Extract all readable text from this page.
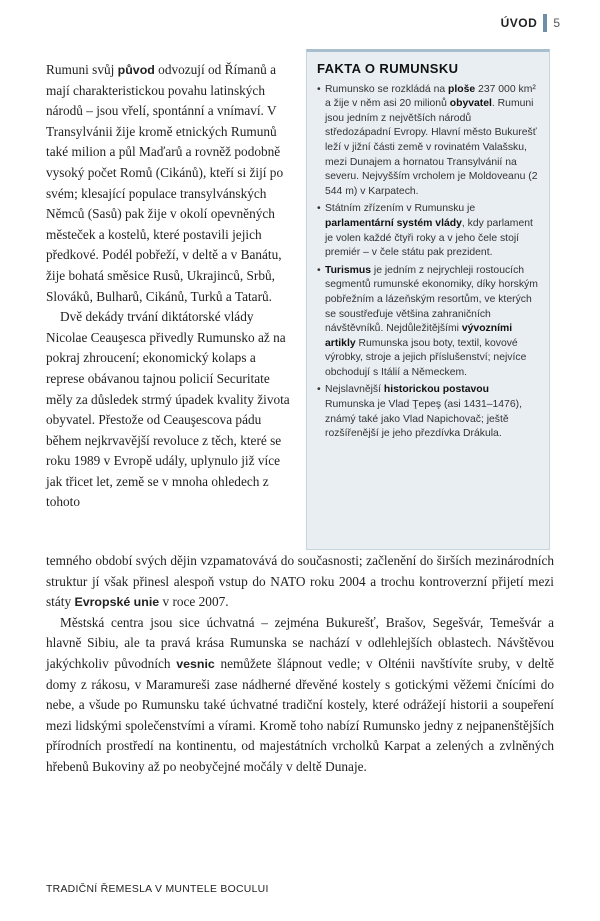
ÚVOD 5
FAKTA O RUMUNSKU
• Rumunsko se rozkládá na ploše 237 000 km² a žije v něm asi 20 milionů obyvatel. Rumuni jsou jedním z největších národů středozápadní Evropy. Hlavní město Bukurešť leží v jižní části země v rovinatém Valašsku, mezi Dunajem a hornatou Transylvánií na severu. Nejvyšším vrcholem je Moldoveanu (2 544 m) v Karpatech.
• Státním zřízením v Rumunsku je parlamentární systém vlády, kdy parlament je volen každé čtyři roky a v jeho čele stojí premiér – v čele státu pak prezident.
• Turismus je jedním z nejrychleji rostoucích segmentů rumunské ekonomiky, díky horským pobřežním a lázeňským resortům, ve kterých se soustřeďuje většina zahraničních návštěvníků. Nejdůležitějšími vývozními artikly Rumunska jsou boty, textil, kovové výrobky, stroje a jejich příslušenství; nejvíce obchodují s Itálií a Německem.
• Nejslavnější historickou postavou Rumunska je Vlad Ţepeş (asi 1431–1476), známý také jako Vlad Napichovač; ještě rozšířenější je jeho přezdívka Drákula.

Rumuni svůj původ odvozují od Římanů a mají charakteristickou povahu latinských národů – jsou vřelí, spontánní a vnímaví. V Transylvánii žije kromě etnických Rumunů také milion a půl Maďarů a rovněž podobně vysoký počet Romů (Cikánů), kteří si žijí po svém; klesající populace transylvánských Němců (Sasů) pak žije v okolí opevněných městeček a kostelů, které postavili jejich předkové. Podél pobřeží, v deltě a v Banátu, žije bohatá směsice Rusů, Ukrajinců, Srbů, Slováků, Bulharů, Cikánů, Turků a Tatarů.

Dvě dekády trvání diktátorské vlády Nicolae Ceauşesca přivedly Rumunsko až na pokraj zhroucení; ekonomický kolaps a represe obávanou tajnou policií Securitate měly za důsledek strmý úpadek kvality života obyvatel. Přestože od Ceauşescova pádu během nejkrvavější revoluce z těch, které se roku 1989 v Evropě udály, uplynulo již více jak třicet let, země se v mnoha ohledech z tohoto

temného období svých dějin vzpamatovává do současnosti; začlenění do širších mezinárodních struktur jí však přinesl alespoň vstup do NATO roku 2004 a trochu kontroverzní přijetí mezi státy Evropské unie v roce 2007.

Městská centra jsou sice úchvatná – zejména Bukurešť, Brašov, Segešvár, Temešvár a hlavně Sibiu, ale ta pravá krása Rumunska se nachází v odlehlejších oblastech. Návštěvou jakýchkoliv původních vesnic nemůžete šlápnout vedle; v Olténii navštívíte sruby, v deltě domy z rákosu, v Maramureši zase nádherné dřevěné kostely s gotickými věžemi čnícími do nebe, a všude po Rumunsku také úchvatné tradiční kostely, které odrážejí historii a soupeření mezi lidskými společenstvími a vírami. Kromě toho nabízí Rumunsko jedny z nejpanenštějších přírodních prostředí na kontinentu, od majestátních vrcholků Karpat a zelených a zvlněných hřebenů Bukoviny až po neobyčejné močály v deltě Dunaje.

TRADIČNÍ ŘEMESLA V MUNTELE BOCULUI
